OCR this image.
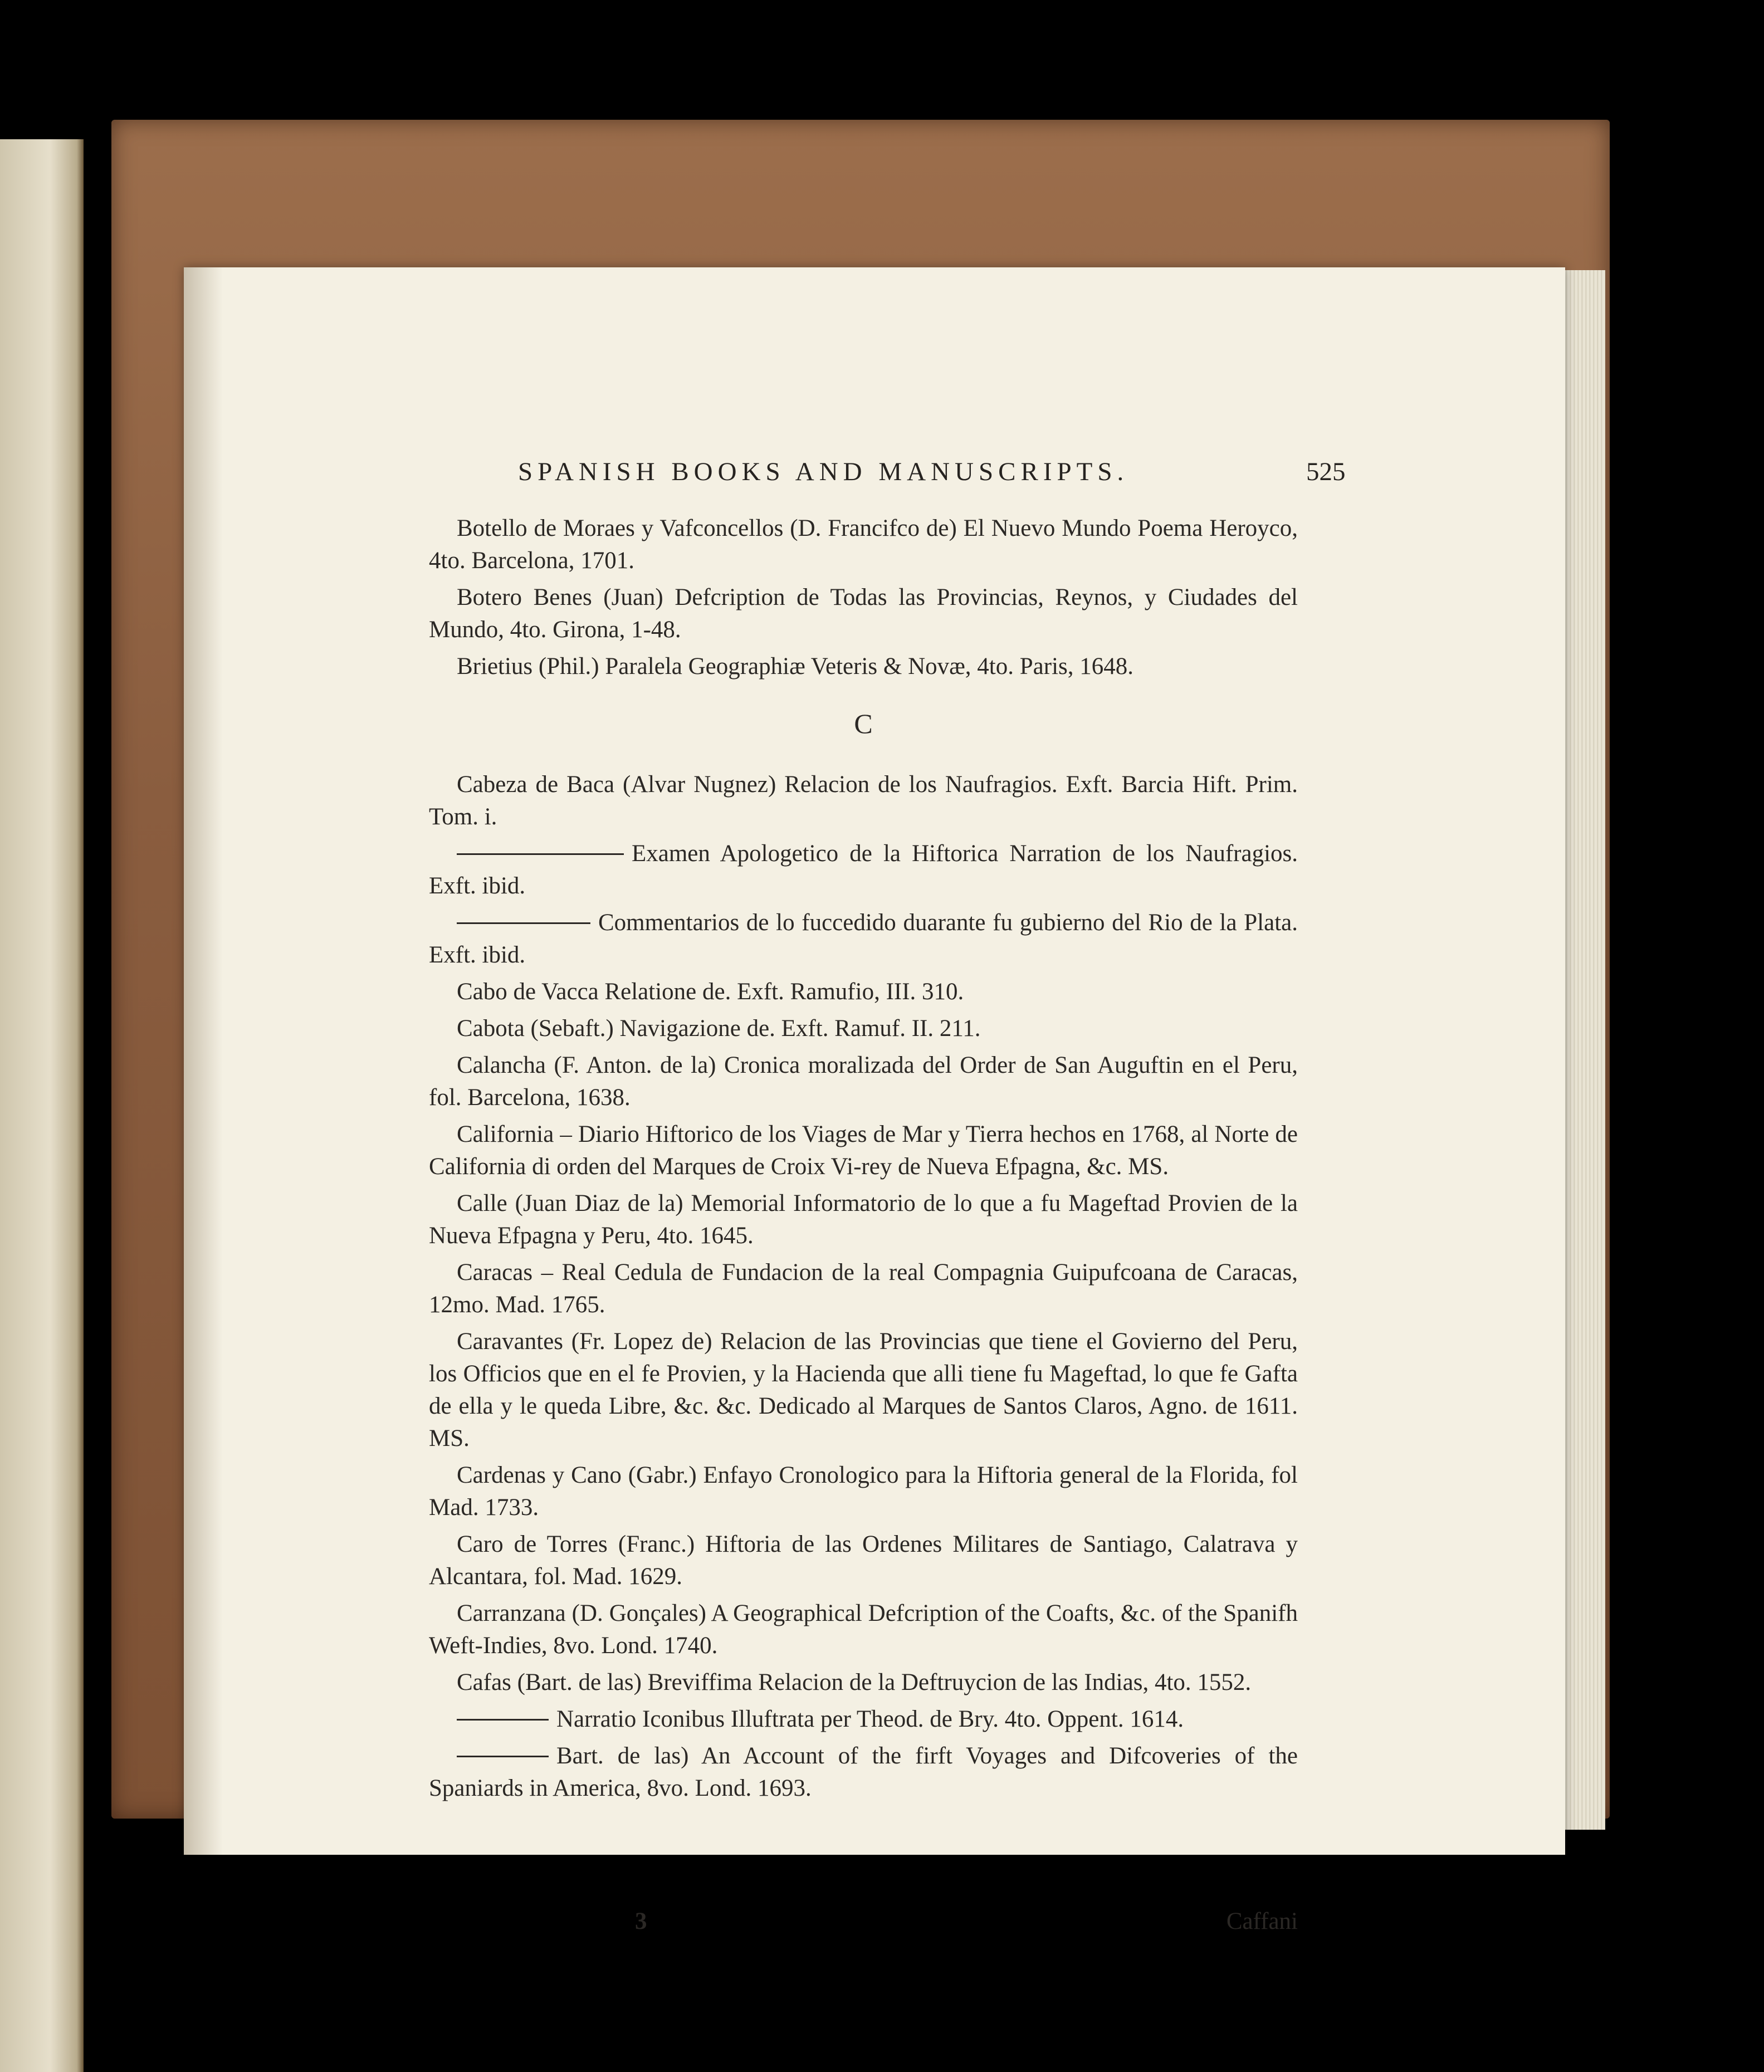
SPANISH BOOKS AND MANUSCRIPTS.	525

Botello de Moraes y Vafconcellos (D. Francifco de) El Nuevo Mundo Poema Heroyco, 4to. Barcelona, 1701.

Botero Benes (Juan) Defcription de Todas las Provincias, Reynos, y Ciudades del Mundo, 4to. Girona, 1-48.

Brietius (Phil.) Paralela Geographiæ Veteris & Novæ, 4to. Paris, 1648.

C

Cabeza de Baca (Alvar Nugnez) Relacion de los Naufragios. Exft. Barcia Hift. Prim. Tom. i.

Examen Apologetico de la Hiftorica Narration de los Naufragios. Exft. ibid.

Commentarios de lo fuccedido duarante fu gubierno del Rio de la Plata. Exft. ibid.

Cabo de Vacca Relatione de. Exft. Ramufio, III. 310.

Cabota (Sebaft.) Navigazione de. Exft. Ramuf. II. 211.

Calancha (F. Anton. de la) Cronica moralizada del Order de San Auguftin en el Peru, fol. Barcelona, 1638.

California – Diario Hiftorico de los Viages de Mar y Tierra hechos en 1768, al Norte de California di orden del Marques de Croix Vi-rey de Nueva Efpagna, &c. MS.

Calle (Juan Diaz de la) Memorial Informatorio de lo que a fu Mageftad Provien de la Nueva Efpagna y Peru, 4to. 1645.

Caracas – Real Cedula de Fundacion de la real Compagnia Guipufcoana de Caracas, 12mo. Mad. 1765.

Caravantes (Fr. Lopez de) Relacion de las Provincias que tiene el Govierno del Peru, los Officios que en el fe Provien, y la Hacienda que alli tiene fu Mageftad, lo que fe Gafta de ella y le queda Libre, &c. &c. Dedicado al Marques de Santos Claros, Agno. de 1611. MS.

Cardenas y Cano (Gabr.) Enfayo Cronologico para la Hiftoria general de la Florida, fol Mad. 1733.

Caro de Torres (Franc.) Hiftoria de las Ordenes Militares de Santiago, Calatrava y Alcantara, fol. Mad. 1629.

Carranzana (D. Gonçales) A Geographical Defcription of the Coafts, &c. of the Spanifh Weft-Indies, 8vo. Lond. 1740.

Cafas (Bart. de las) Breviffima Relacion de la Deftruycion de las Indias, 4to. 1552.

Narratio Iconibus Illuftrata per Theod. de Bry. 4to. Oppent. 1614.

Bart. de las) An Account of the firft Voyages and Difcoveries of the Spaniards in America, 8vo. Lond. 1693.

3	Caffani
